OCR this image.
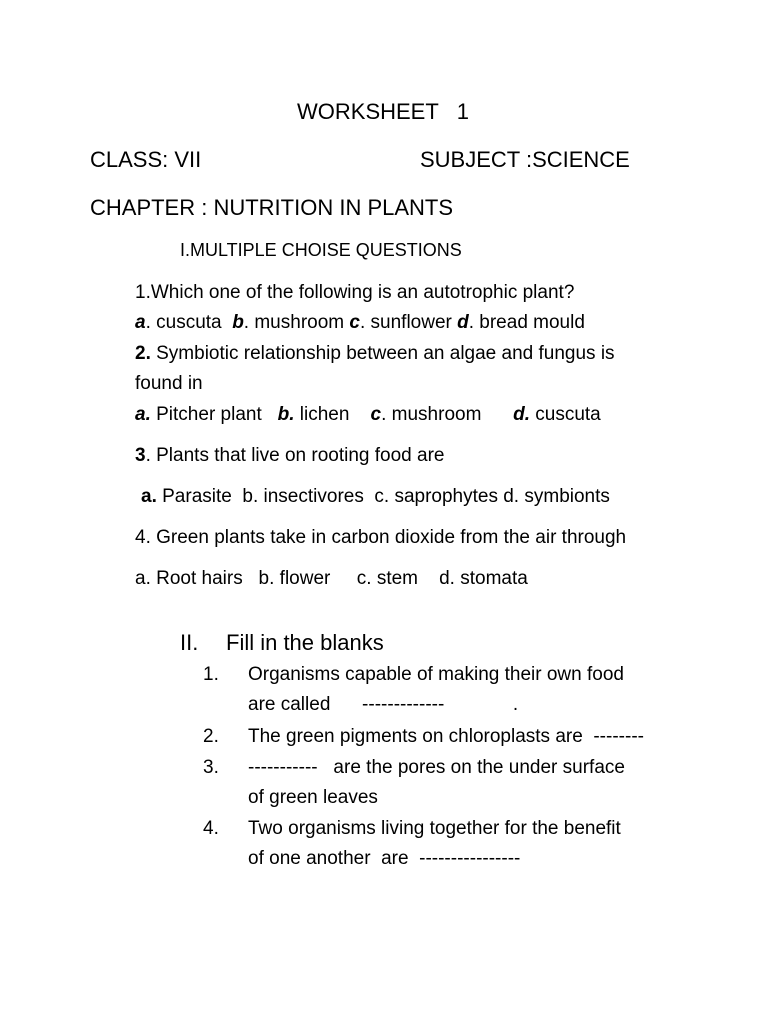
WORKSHEET   1
CLASS: VII	SUBJECT :SCIENCE
CHAPTER : NUTRITION IN PLANTS
I.MULTIPLE CHOISE QUESTIONS
1.Which one of the following is an autotrophic plant?
a. cuscuta  b. mushroom c. sunflower d. bread mould
2. Symbiotic relationship between an algae and fungus is
found in
a. Pitcher plant   b. lichen    c. mushroom      d. cuscuta
3. Plants that live on rooting food are
a. Parasite  b. insectivores  c. saprophytes d. symbionts
4. Green plants take in carbon dioxide from the air through
a. Root hairs   b. flower     c. stem    d. stomata
II. Fill in the blanks
1. Organisms capable of making their own food
are called      -------------             .
2. The green pigments on chloroplasts are  --------
3. -----------   are the pores on the under surface
of green leaves
4. Two organisms living together for the benefit
of one another  are  ----------------
